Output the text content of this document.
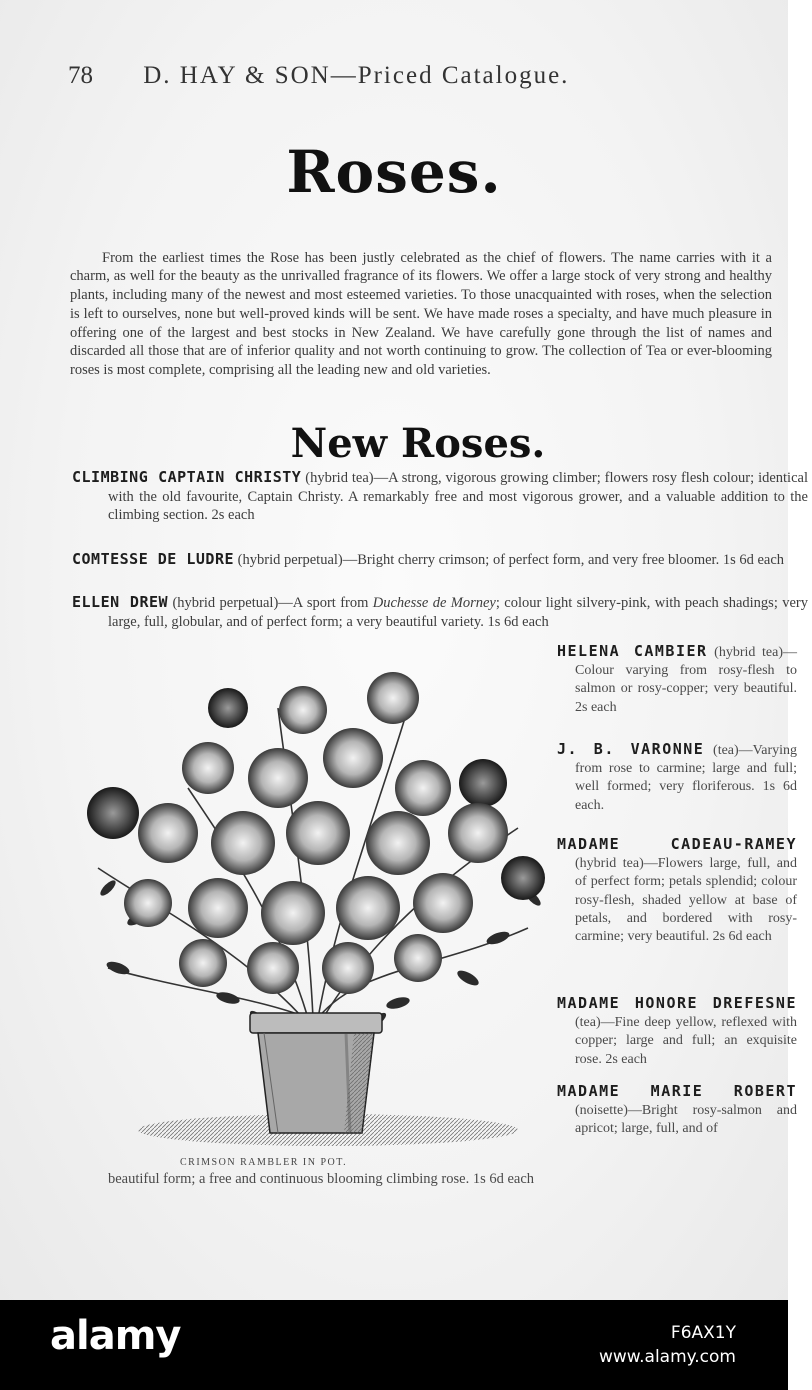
78 D. HAY & SON—Priced Catalogue.
Roses.

From the earliest times the Rose has been justly celebrated as the chief of flowers. The name carries with it a charm, as well for the beauty as the unrivalled fragrance of its flowers. We offer a large stock of very strong and healthy plants, including many of the newest and most esteemed varieties. To those unacquainted with roses, when the selection is left to ourselves, none but well-proved kinds will be sent. We have made roses a specialty, and have much pleasure in offering one of the largest and best stocks in New Zealand. We have carefully gone through the list of names and discarded all those that are of inferior quality and not worth continuing to grow. The collection of Tea or ever-blooming roses is most complete, comprising all the leading new and old varieties.

New Roses.

CLIMBING CAPTAIN CHRISTY (hybrid tea)—A strong, vigorous growing climber; flowers rosy flesh colour; identical with the old favourite, Captain Christy. A remarkably free and most vigorous grower, and a valuable addition to the climbing section. 2s each

COMTESSE DE LUDRE (hybrid perpetual)—Bright cherry crimson; of perfect form, and very free bloomer. 1s 6d each

ELLEN DREW (hybrid perpetual)—A sport from Duchesse de Morney; colour light silvery-pink, with peach shadings; very large, full, globular, and of perfect form; a very beautiful variety. 1s 6d each

HELENA CAMBIER (hybrid tea)—Colour varying from rosy-flesh to salmon or rosy-copper; very beautiful. 2s each

J. B. VARONNE (tea)—Varying from rose to carmine; large and full; well formed; very floriferous. 1s 6d each.

MADAME CADEAU-RAMEY (hybrid tea)—Flowers large, full, and of perfect form; petals splendid; colour rosy-flesh, shaded yellow at base of petals, and bordered with rosy-carmine; very beautiful. 2s 6d each

MADAME HONORE DREFESNE (tea)—Fine deep yellow, reflexed with copper; large and full; an exquisite rose. 2s each

MADAME MARIE ROBERT (noisette)—Bright rosy-salmon and apricot; large, full, and of

CRIMSON RAMBLER IN POT.
beautiful form; a free and continuous blooming climbing rose. 1s 6d each
alamy	F6AX1Y
www.alamy.com
